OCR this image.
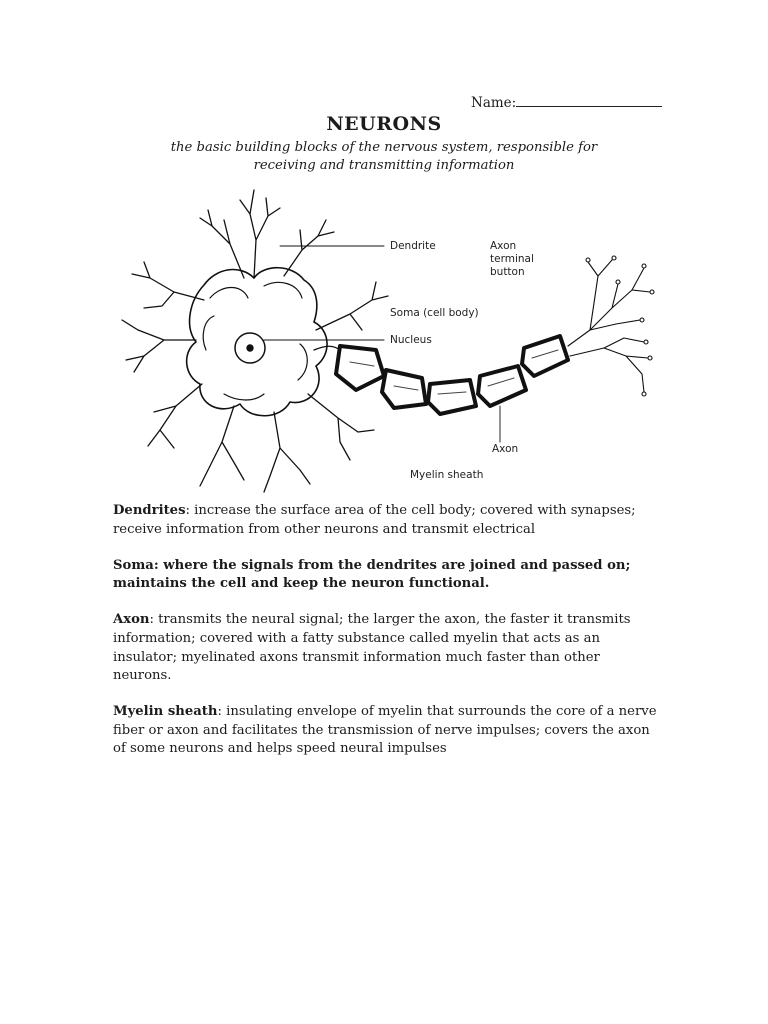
Name:
NEURONS
the basic building blocks of the nervous system, responsible for receiving and transmitting information
Dendrite	Axon
terminal
button
Soma (cell body)
Nucleus
Axon
Myelin sheath

Dendrites: increase the surface area of the cell body; covered with synapses; receive information from other neurons and transmit electrical

Soma: where the signals from the dendrites are joined and passed on; maintains the cell and keep the neuron functional.

Axon: transmits the neural signal; the larger the axon, the faster it transmits information; covered with a fatty substance called myelin that acts as an insulator; myelinated axons transmit information much faster than other neurons.

Myelin sheath: insulating envelope of myelin that surrounds the core of a nerve fiber or axon and facilitates the transmission of nerve impulses; covers the axon of some neurons and helps speed neural impulses
